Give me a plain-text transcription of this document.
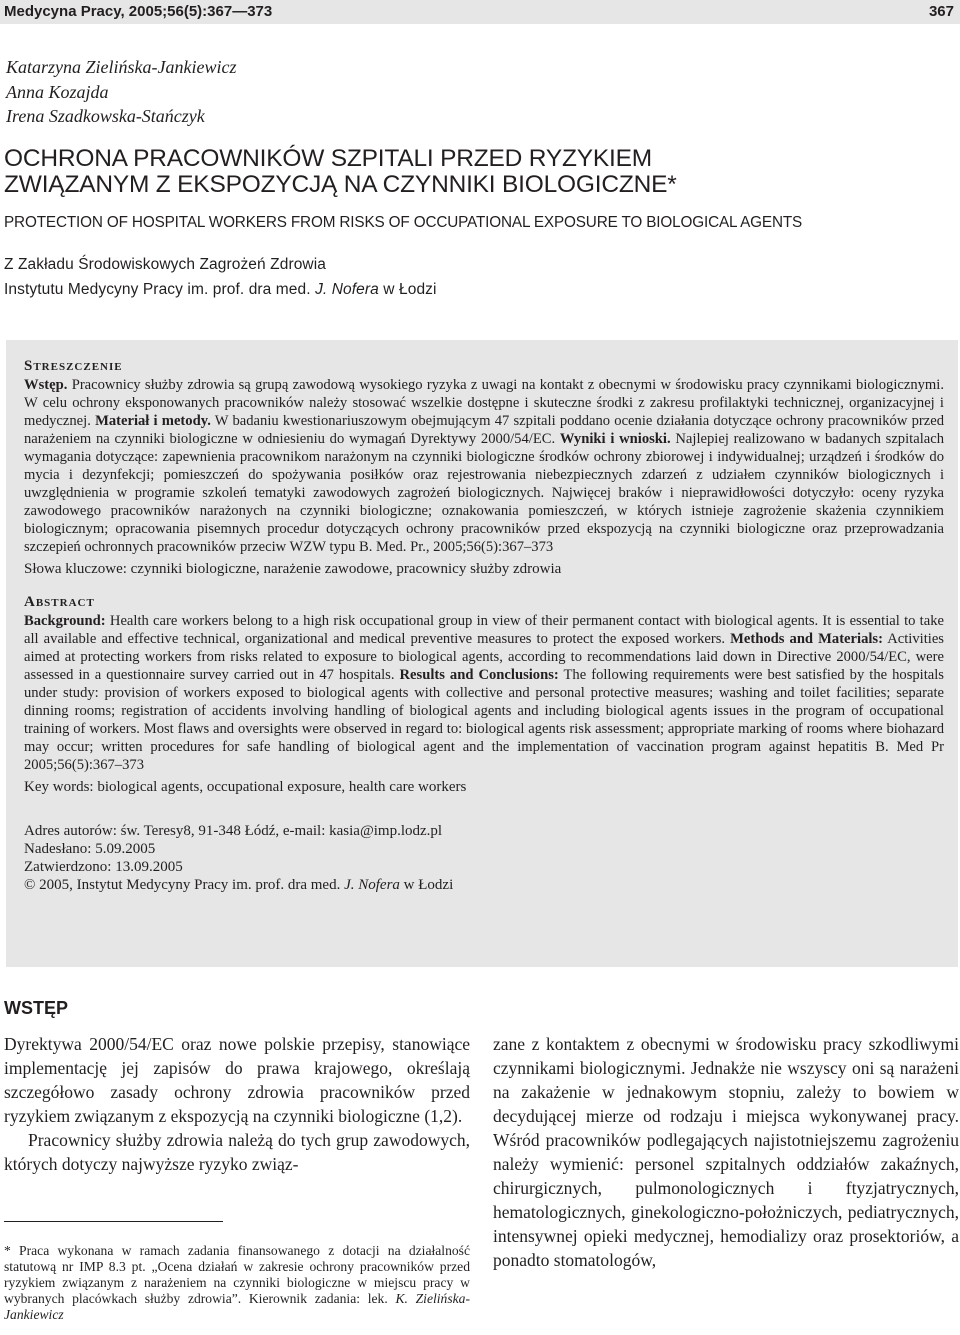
Medycyna Pracy, 2005;56(5):367—373	367
Katarzyna Zielińska-Jankiewicz
Anna Kozajda
Irena Szadkowska-Stańczyk
OCHRONA PRACOWNIKÓW SZPITALI PRZED RYZYKIEM
ZWIĄZANYM Z EKSPOZYCJĄ NA CZYNNIKI BIOLOGICZNE*
PROTECTION OF HOSPITAL WORKERS FROM RISKS OF OCCUPATIONAL EXPOSURE TO BIOLOGICAL AGENTS
Z Zakładu Środowiskowych Zagrożeń Zdrowia
Instytutu Medycyny Pracy im. prof. dra med. J. Nofera w Łodzi
Streszczenie

Wstęp. Pracownicy służby zdrowia są grupą zawodową wysokiego ryzyka z uwagi na kontakt z obecnymi w środowisku pracy czynnikami biologicznymi. W celu ochrony eksponowanych pracowników należy stosować wszelkie dostępne i skuteczne środki z zakresu profilaktyki technicznej, organizacyjnej i medycznej. Materiał i metody. W badaniu kwestionariuszowym obejmującym 47 szpitali poddano ocenie działania dotyczące ochrony pracowników przed narażeniem na czynniki biologiczne w odniesieniu do wymagań Dyrektywy 2000/54/EC. Wyniki i wnioski. Najlepiej realizowano w badanych szpitalach wymagania dotyczące: zapewnienia pracownikom narażonym na czynniki biologiczne środków ochrony zbiorowej i indywidualnej; urządzeń i środków do mycia i dezynfekcji; pomieszczeń do spożywania posiłków oraz rejestrowania niebezpiecznych zdarzeń z udziałem czynników biologicznych i uwzględnienia w programie szkoleń tematyki zawodowych zagrożeń biologicznych. Najwięcej braków i nieprawidłowości dotyczyło: oceny ryzyka zawodowego pracowników narażonych na czynniki biologiczne; oznakowania pomieszczeń, w których istnieje zagrożenie skażenia czynnikiem biologicznym; opracowania pisemnych procedur dotyczących ochrony pracowników przed ekspozycją na czynniki biologiczne oraz przeprowadzania szczepień ochronnych pracowników przeciw WZW typu B. Med. Pr., 2005;56(5):367–373

Słowa kluczowe: czynniki biologiczne, narażenie zawodowe, pracownicy służby zdrowia

Abstract

Background: Health care workers belong to a high risk occupational group in view of their permanent contact with biological agents. It is essential to take all available and effective technical, organizational and medical preventive measures to protect the exposed workers. Methods and Materials: Activities aimed at protecting workers from risks related to exposure to biological agents, according to recommendations laid down in Directive 2000/54/EC, were assessed in a questionnaire survey carried out in 47 hospitals. Results and Conclusions: The following requirements were best satisfied by the hospitals under study: provision of workers exposed to biological agents with collective and personal protective measures; washing and toilet facilities; separate dinning rooms; registration of accidents involving handling of biological agents and including biological agents issues in the program of occupational training of workers. Most flaws and oversights were observed in regard to: biological agents risk assessment; appropriate marking of rooms where biohazard may occur; written procedures for safe handling of biological agent and the implementation of vaccination program against hepatitis B. Med Pr 2005;56(5):367–373

Key words: biological agents, occupational exposure, health care workers

Adres autorów: św. Teresy8, 91-348 Łódź, e-mail: kasia@imp.lodz.pl
Nadesłano: 5.09.2005
Zatwierdzono: 13.09.2005
© 2005, Instytut Medycyny Pracy im. prof. dra med. J. Nofera w Łodzi
WSTĘP

Dyrektywa 2000/54/EC oraz nowe polskie przepisy, stanowiące implementację jej zapisów do prawa krajowego, określają szczegółowo zasady ochrony zdrowia pracowników przed ryzykiem związanym z ekspozycją na czynniki biologiczne (1,2).

Pracownicy służby zdrowia należą do tych grup zawodowych, których dotyczy najwyższe ryzyko związ-

zane z kontaktem z obecnymi w środowisku pracy szkodliwymi czynnikami biologicznymi. Jednakże nie wszyscy oni są narażeni na zakażenie w jednakowym stopniu, zależy to bowiem w decydującej mierze od rodzaju i miejsca wykonywanej pracy. Wśród pracowników podlegających najistotniejszemu zagrożeniu należy wymienić: personel szpitalnych oddziałów zakaźnych, chirurgicznych, pulmonologicznych i ftyzjatrycznych, hematologicznych, ginekologiczno-położniczych, pediatrycznych, intensywnej opieki medycznej, hemodializy oraz prosektoriów, a ponadto stomatologów,

* Praca wykonana w ramach zadania finansowanego z dotacji na działalność statutową nr IMP 8.3 pt. „Ocena działań w zakresie ochrony pracowników przed ryzykiem związanym z narażeniem na czynniki biologiczne w miejscu pracy w wybranych placówkach służby zdrowia”. Kierownik zadania: lek. K. Zielińska-Jankiewicz
